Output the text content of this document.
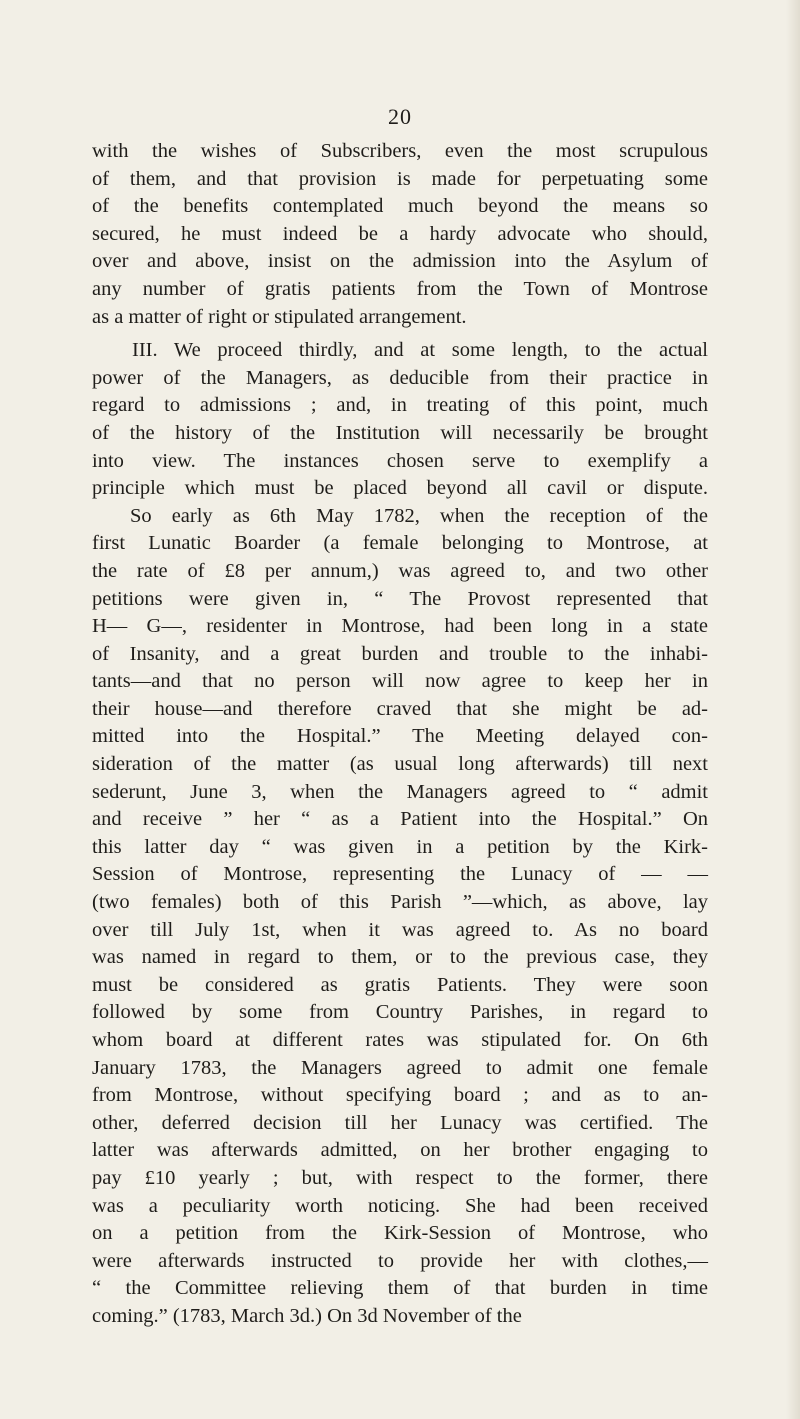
20
with the wishes of Subscribers, even the most scrupulous
of them, and that provision is made for perpetuating some
of the benefits contemplated much beyond the means so
secured, he must indeed be a hardy advocate who should,
over and above, insist on the admission into the Asylum of
any number of gratis patients from the Town of Montrose
as a matter of right or stipulated arrangement.
III. We proceed thirdly, and at some length, to the actual
power of the Managers, as deducible from their practice in
regard to admissions ; and, in treating of this point, much
of the history of the Institution will necessarily be brought
into view. The instances chosen serve to exemplify a
principle which must be placed beyond all cavil or dispute.
So early as 6th May 1782, when the reception of the
first Lunatic Boarder (a female belonging to Montrose, at
the rate of £8 per annum,) was agreed to, and two other
petitions were given in, “ The Provost represented that
H— G—, residenter in Montrose, had been long in a state
of Insanity, and a great burden and trouble to the inhabi-
tants—and that no person will now agree to keep her in
their house—and therefore craved that she might be ad-
mitted into the Hospital.” The Meeting delayed con-
sideration of the matter (as usual long afterwards) till next
sederunt, June 3, when the Managers agreed to “ admit
and receive ” her “ as a Patient into the Hospital.” On
this latter day “ was given in a petition by the Kirk-
Session of Montrose, representing the Lunacy of — —
(two females) both of this Parish ”—which, as above, lay
over till July 1st, when it was agreed to. As no board
was named in regard to them, or to the previous case, they
must be considered as gratis Patients. They were soon
followed by some from Country Parishes, in regard to
whom board at different rates was stipulated for. On 6th
January 1783, the Managers agreed to admit one female
from Montrose, without specifying board ; and as to an-
other, deferred decision till her Lunacy was certified. The
latter was afterwards admitted, on her brother engaging to
pay £10 yearly ; but, with respect to the former, there
was a peculiarity worth noticing. She had been received
on a petition from the Kirk-Session of Montrose, who
were afterwards instructed to provide her with clothes,—
“ the Committee relieving them of that burden in time
coming.” (1783, March 3d.) On 3d November of the
